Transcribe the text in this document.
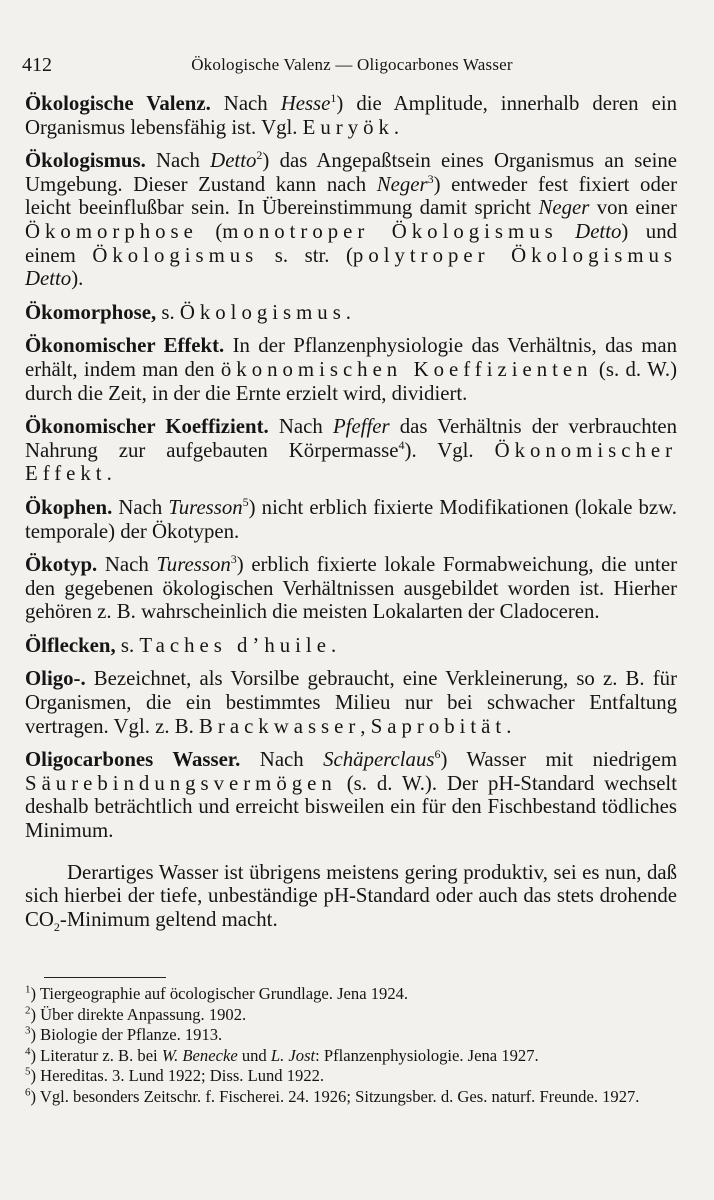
412	Ökologische Valenz — Oligocarbones Wasser

Ökologische Valenz. Nach Hesse$^1$) die Amplitude, innerhalb deren ein Organismus lebensfähig ist. Vgl. Euryök.

Ökologismus. Nach Detto$^2$) das Angepaßtsein eines Organismus an seine Umgebung. Dieser Zustand kann nach Neger$^3$) entweder fest fixiert oder leicht beeinflußbar sein. In Übereinstimmung damit spricht Neger von einer Ökomorphose (monotroper Ökologismus Detto) und einem Ökologismus s. str. (polytroper Ökologismus Detto).

Ökomorphose, s. Ökologismus.

Ökonomischer Effekt. In der Pflanzenphysiologie das Verhältnis, das man erhält, indem man den ökonomischen Koeffizienten (s. d. W.) durch die Zeit, in der die Ernte erzielt wird, dividiert.

Ökonomischer Koeffizient. Nach Pfeffer das Verhältnis der verbrauchten Nahrung zur aufgebauten Körpermasse$^4$). Vgl. Ökonomischer Effekt.

Ökophen. Nach Turesson$^5$) nicht erblich fixierte Modifikationen (lokale bzw. temporale) der Ökotypen.

Ökotyp. Nach Turesson$^3$) erblich fixierte lokale Formabweichung, die unter den gegebenen ökologischen Verhältnissen ausgebildet worden ist. Hierher gehören z. B. wahrscheinlich die meisten Lokalarten der Cladoceren.

Ölflecken, s. Taches d’huile.

Oligo-. Bezeichnet, als Vorsilbe gebraucht, eine Verkleinerung, so z. B. für Organismen, die ein bestimmtes Milieu nur bei schwacher Entfaltung vertragen. Vgl. z. B. Brackwasser, Saprobität.

Oligocarbones Wasser. Nach Schäperclaus$^6$) Wasser mit niedrigem Säurebindungsvermögen (s. d. W.). Der pH-Standard wechselt deshalb beträchtlich und erreicht bisweilen ein für den Fischbestand tödliches Minimum.

Derartiges Wasser ist übrigens meistens gering produktiv, sei es nun, daß sich hierbei der tiefe, unbeständige pH-Standard oder auch das stets drohende $CO_2$-Minimum geltend macht.

$^1$) Tiergeographie auf öcologischer Grundlage. Jena 1924.
$^2$) Über direkte Anpassung. 1902.
$^3$) Biologie der Pflanze. 1913.
$^4$) Literatur z. B. bei W. Benecke und L. Jost: Pflanzenphysiologie. Jena 1927.
$^5$) Hereditas. 3. Lund 1922; Diss. Lund 1922.
$^6$) Vgl. besonders Zeitschr. f. Fischerei. 24. 1926; Sitzungsber. d. Ges. naturf. Freunde. 1927.
